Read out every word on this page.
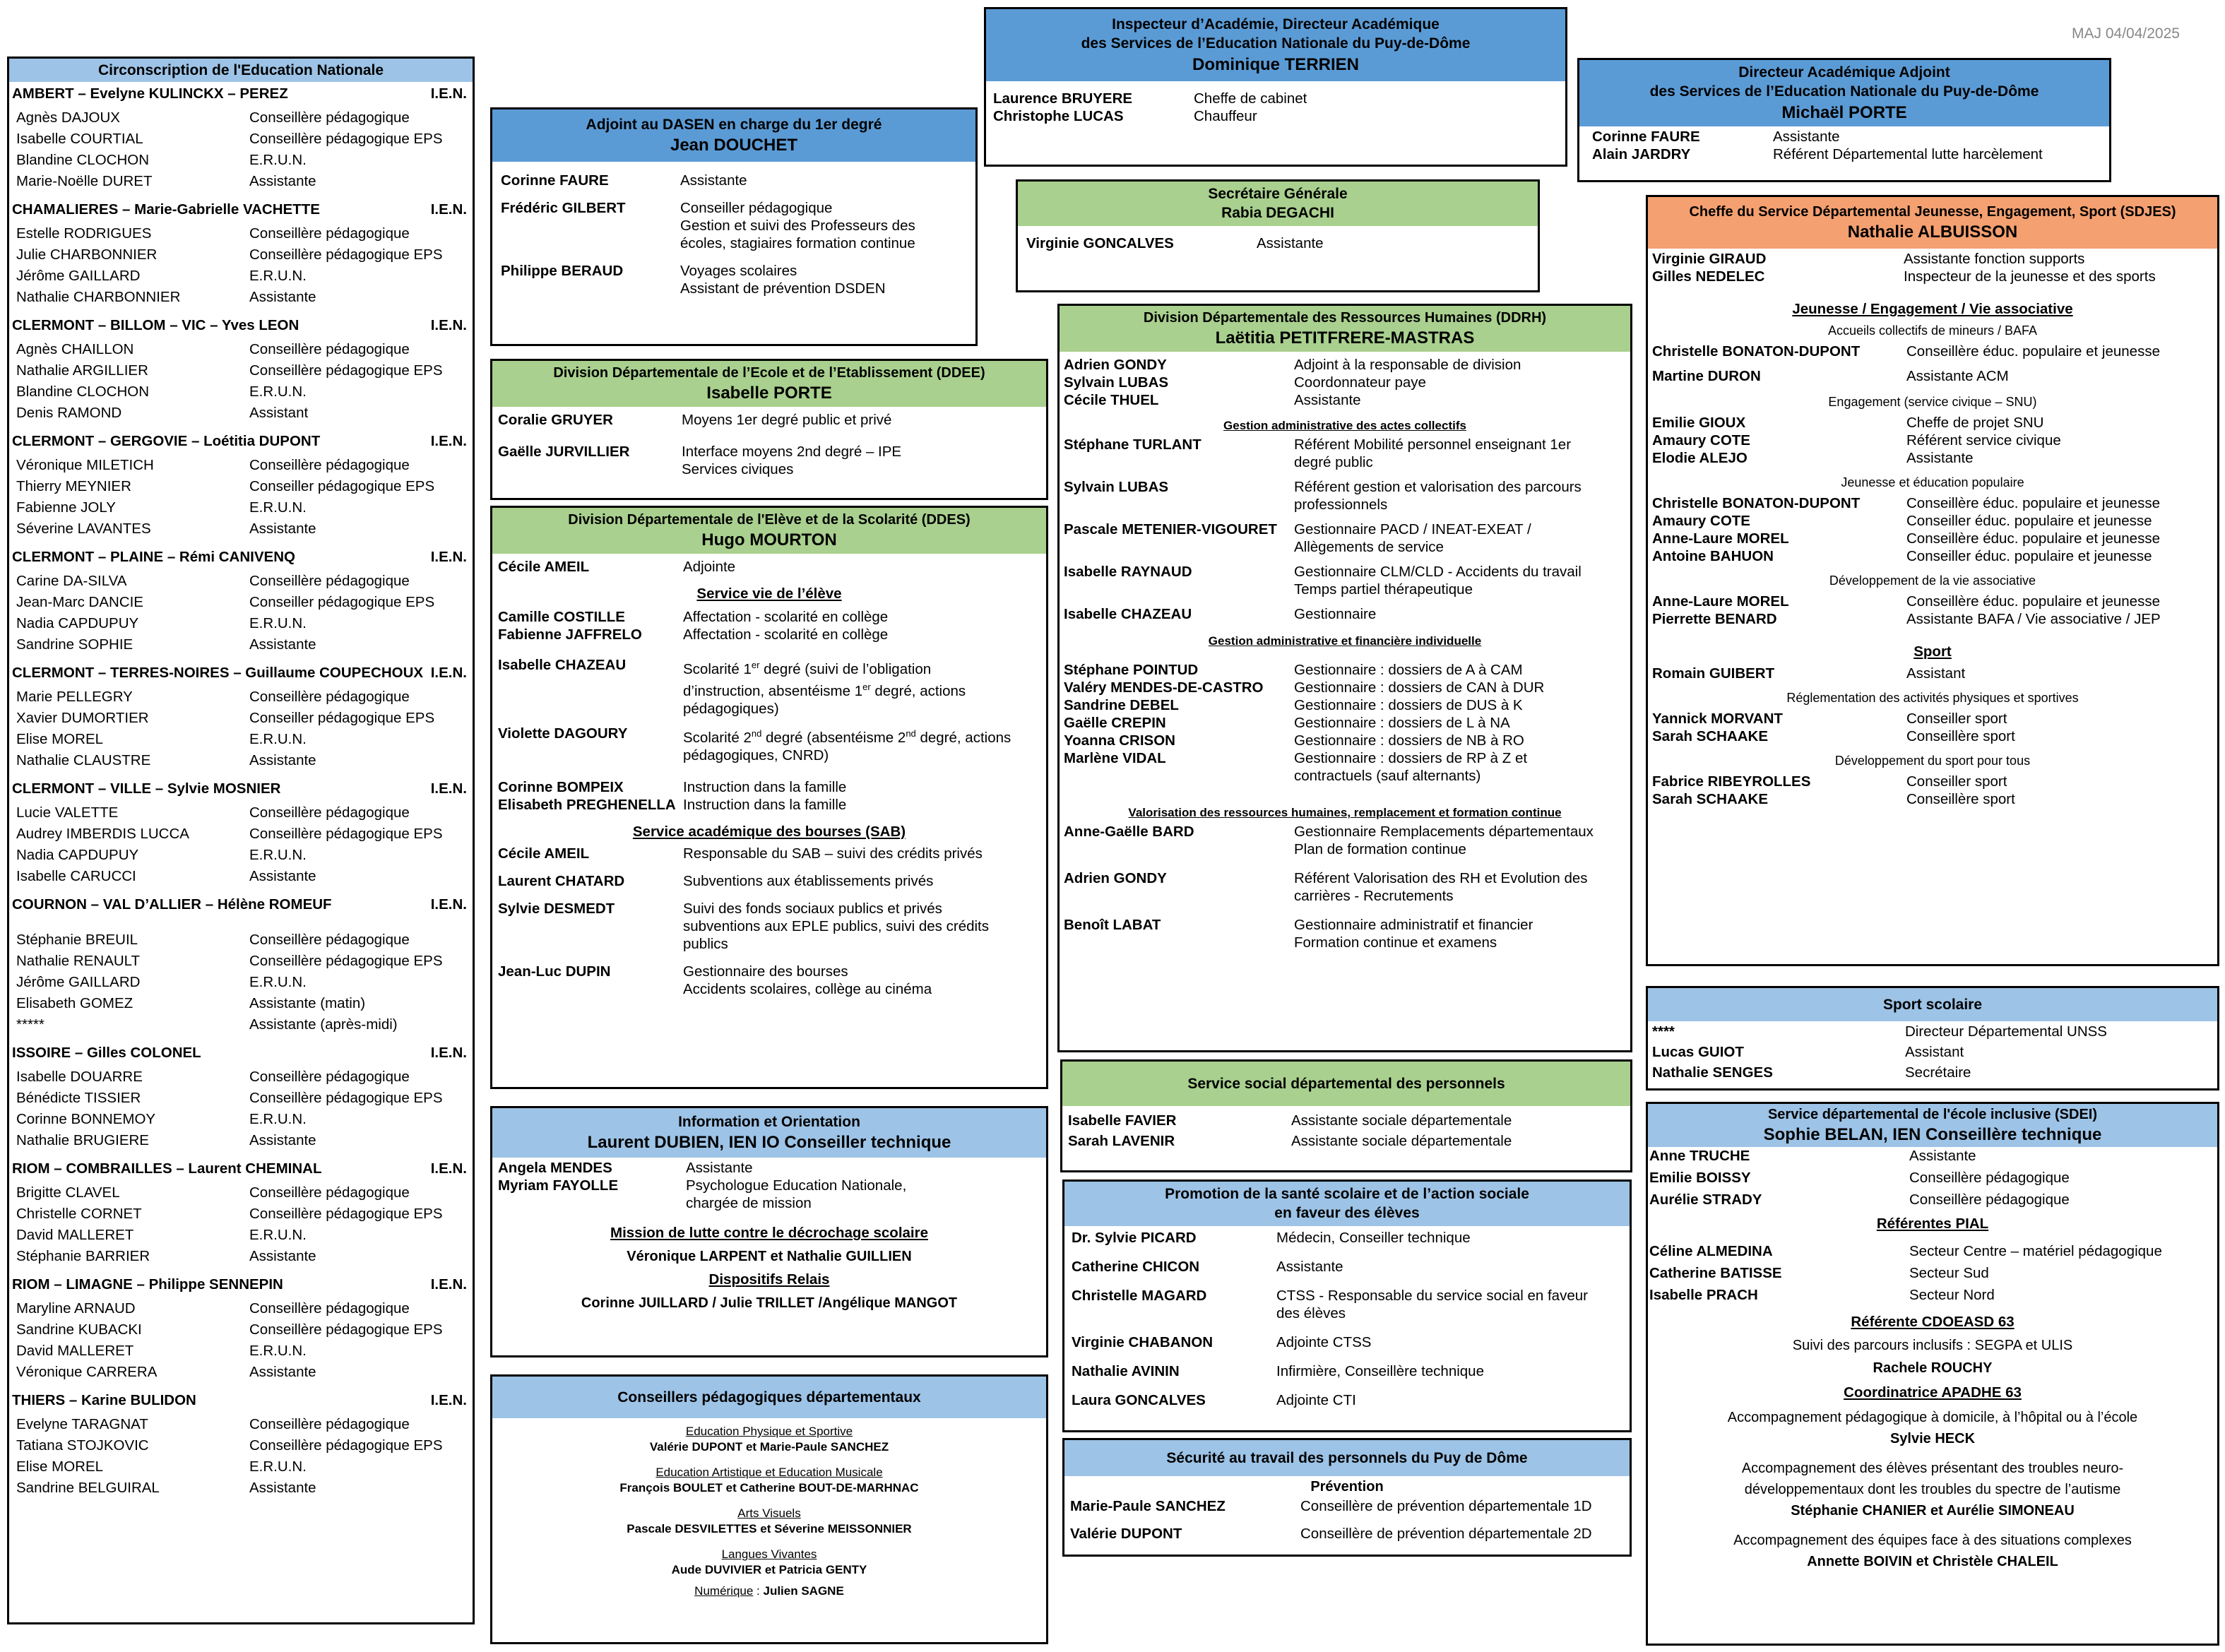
MAJ 04/04/2025
Circonscription de l'Education Nationale
AMBERT – Evelyne KULINCKX – PEREZ	I.E.N.
Agnès DAJOUX	Conseillère pédagogique
Isabelle COURTIAL	Conseillère pédagogique EPS
Blandine CLOCHON	E.R.U.N.
Marie-Noëlle DURET	Assistante
CHAMALIERES – Marie-Gabrielle VACHETTE	I.E.N.
Estelle RODRIGUES	Conseillère pédagogique
Julie CHARBONNIER	Conseillère pédagogique EPS
Jérôme GAILLARD	E.R.U.N.
Nathalie CHARBONNIER	Assistante
CLERMONT – BILLOM – VIC – Yves LEON	I.E.N.
Agnès CHAILLON	Conseillère pédagogique
Nathalie ARGILLIER	Conseillère pédagogique EPS
Blandine CLOCHON	E.R.U.N.
Denis RAMOND	Assistant
CLERMONT – GERGOVIE – Loétitia DUPONT	I.E.N.
Véronique MILETICH	Conseillère pédagogique
Thierry MEYNIER	Conseiller pédagogique EPS
Fabienne JOLY	E.R.U.N.
Séverine LAVANTES	Assistante
CLERMONT – PLAINE – Rémi CANIVENQ	I.E.N.
Carine DA-SILVA	Conseillère pédagogique
Jean-Marc DANCIE	Conseiller pédagogique EPS
Nadia CAPDUPUY	E.R.U.N.
Sandrine SOPHIE	Assistante
CLERMONT – TERRES-NOIRES – Guillaume COUPECHOUX I.E.N.
Marie PELLEGRY	Conseillère pédagogique
Xavier DUMORTIER	Conseiller pédagogique EPS
Elise MOREL	E.R.U.N.
Nathalie CLAUSTRE	Assistante
CLERMONT – VILLE – Sylvie MOSNIER	I.E.N.
Lucie VALETTE	Conseillère pédagogique
Audrey IMBERDIS LUCCA	Conseillère pédagogique EPS
Nadia CAPDUPUY	E.R.U.N.
Isabelle CARUCCI	Assistante
COURNON – VAL D’ALLIER – Hélène ROMEUF	I.E.N.
Stéphanie BREUIL	Conseillère pédagogique
Nathalie RENAULT	Conseillère pédagogique EPS
Jérôme GAILLARD	E.R.U.N.
Elisabeth GOMEZ	Assistante (matin)
*****	Assistante (après-midi)
ISSOIRE – Gilles COLONEL	I.E.N.
Isabelle DOUARRE	Conseillère pédagogique
Bénédicte TISSIER	Conseillère pédagogique EPS
Corinne BONNEMOY	E.R.U.N.
Nathalie BRUGIERE	Assistante
RIOM – COMBRAILLES – Laurent CHEMINAL	I.E.N.
Brigitte CLAVEL	Conseillère pédagogique
Christelle CORNET	Conseillère pédagogique EPS
David MALLERET	E.R.U.N.
Stéphanie BARRIER	Assistante
RIOM – LIMAGNE – Philippe SENNEPIN	I.E.N.
Maryline ARNAUD	Conseillère pédagogique
Sandrine KUBACKI	Conseillère pédagogique EPS
David MALLERET	E.R.U.N.
Véronique CARRERA	Assistante
THIERS – Karine BULIDON	I.E.N.
Evelyne TARAGNAT	Conseillère pédagogique
Tatiana STOJKOVIC	Conseillère pédagogique EPS
Elise MOREL	E.R.U.N.
Sandrine BELGUIRAL	Assistante
Inspecteur d’Académie, Directeur Académique
des Services de l’Education Nationale du Puy-de-Dôme
Dominique TERRIEN
Laurence BRUYERE	Cheffe de cabinet
Christophe LUCAS	Chauffeur
Directeur Académique Adjoint
des Services de l’Education Nationale du Puy-de-Dôme
Michaël PORTE
Corinne FAURE	Assistante
Alain JARDRY	Référent Départemental lutte harcèlement
Adjoint au DASEN en charge du 1er degré
Jean DOUCHET
Corinne FAURE	Assistante
Frédéric GILBERT	Conseiller pédagogique
Gestion et suivi des Professeurs des
écoles, stagiaires formation continue
Philippe BERAUD	Voyages scolaires
Assistant de prévention DSDEN
Secrétaire Générale
Rabia DEGACHI
Virginie GONCALVES	Assistante
Division Départementale de l’Ecole et de l’Etablissement (DDEE)
Isabelle PORTE
Coralie GRUYER	Moyens 1er degré public et privé
Gaëlle JURVILLIER	Interface moyens 2nd degré – IPE
Services civiques
Division Départementale de l'Elève et de la Scolarité (DDES)
Hugo MOURTON
Cécile AMEIL	Adjointe
Service vie de l’élève
Camille COSTILLE	Affectation - scolarité en collège
Fabienne JAFFRELO	Affectation - scolarité en collège
Isabelle CHAZEAU	Scolarité 1er degré (suivi de l’obligation
d’instruction, absentéisme 1er degré, actions
pédagogiques)
Violette DAGOURY	Scolarité 2nd degré (absentéisme 2nd degré, actions
pédagogiques, CNRD)
Corinne BOMPEIX	Instruction dans la famille
Elisabeth PREGHENELLA Instruction dans la famille
Service académique des bourses (SAB)
Cécile AMEIL	Responsable du SAB – suivi des crédits privés
Laurent CHATARD	Subventions aux établissements privés
Sylvie DESMEDT	Suivi des fonds sociaux publics et privés
subventions aux EPLE publics, suivi des crédits
publics
Jean-Luc DUPIN	Gestionnaire des bourses
Accidents scolaires, collège au cinéma
Information et Orientation
Laurent DUBIEN, IEN IO Conseiller technique
Angela MENDES	Assistante
Myriam FAYOLLE	Psychologue Education Nationale,
chargée de mission
Mission de lutte contre le décrochage scolaire
Véronique LARPENT et Nathalie GUILLIEN
Dispositifs Relais
Corinne JUILLARD / Julie TRILLET /Angélique MANGOT
Conseillers pédagogiques départementaux
Education Physique et Sportive
Valérie DUPONT et Marie-Paule SANCHEZ
Education Artistique et Education Musicale
François BOULET et Catherine BOUT-DE-MARHNAC
Arts Visuels
Pascale DESVILETTES et Séverine MEISSONNIER
Langues Vivantes
Aude DUVIVIER et Patricia GENTY
Numérique : Julien SAGNE
Division Départementale des Ressources Humaines (DDRH)
Laëtitia PETITFRERE-MASTRAS
Adrien GONDY	Adjoint à la responsable de division
Sylvain LUBAS	Coordonnateur paye
Cécile THUEL	Assistante
Gestion administrative des actes collectifs
Stéphane TURLANT	Référent Mobilité personnel enseignant 1er
degré public
Sylvain LUBAS	Référent gestion et valorisation des parcours
professionnels
Pascale METENIER-VIGOURET	Gestionnaire PACD / INEAT-EXEAT /
Allègements de service
Isabelle RAYNAUD	Gestionnaire CLM/CLD - Accidents du travail
Temps partiel thérapeutique
Isabelle CHAZEAU	Gestionnaire
Gestion administrative et financière individuelle
Stéphane POINTUD	Gestionnaire : dossiers de A à CAM
Valéry MENDES-DE-CASTRO	Gestionnaire : dossiers de CAN à DUR
Sandrine DEBEL	Gestionnaire : dossiers de DUS à K
Gaëlle CREPIN	Gestionnaire : dossiers de L à NA
Yoanna CRISON	Gestionnaire : dossiers de NB à RO
Marlène VIDAL	Gestionnaire : dossiers de RP à Z et
contractuels (sauf alternants)
Valorisation des ressources humaines, remplacement et formation continue
Anne-Gaëlle BARD	Gestionnaire Remplacements départementaux
Plan de formation continue
Adrien GONDY	Référent Valorisation des RH et Evolution des
carrières - Recrutements
Benoît LABAT	Gestionnaire administratif et financier
Formation continue et examens
Service social départemental des personnels
Isabelle FAVIER	Assistante sociale départementale
Sarah LAVENIR	Assistante sociale départementale
Promotion de la santé scolaire et de l’action sociale
en faveur des élèves
Dr. Sylvie PICARD	Médecin, Conseiller technique
Catherine CHICON	Assistante
Christelle MAGARD	CTSS - Responsable du service social en faveur
des élèves
Virginie CHABANON	Adjointe CTSS
Nathalie AVININ	Infirmière, Conseillère technique
Laura GONCALVES	Adjointe CTI
Sécurité au travail des personnels du Puy de Dôme
Prévention
Marie-Paule SANCHEZ	Conseillère de prévention départementale 1D
Valérie DUPONT	Conseillère de prévention départementale 2D
Cheffe du Service Départemental Jeunesse, Engagement, Sport (SDJES)
Nathalie ALBUISSON
Virginie GIRAUD	Assistante fonction supports
Gilles NEDELEC	Inspecteur de la jeunesse et des sports
Jeunesse / Engagement / Vie associative
Accueils collectifs de mineurs / BAFA
Christelle BONATON-DUPONT	Conseillère éduc. populaire et jeunesse
Martine DURON	Assistante ACM
Engagement (service civique – SNU)
Emilie GIOUX	Cheffe de projet SNU
Amaury COTE	Référent service civique
Elodie ALEJO	Assistante
Jeunesse et éducation populaire
Christelle BONATON-DUPONT	Conseillère éduc. populaire et jeunesse
Amaury COTE	Conseiller éduc. populaire et jeunesse
Anne-Laure MOREL	Conseillère éduc. populaire et jeunesse
Antoine BAHUON	Conseiller éduc. populaire et jeunesse
Développement de la vie associative
Anne-Laure MOREL	Conseillère éduc. populaire et jeunesse
Pierrette BENARD	Assistante BAFA / Vie associative / JEP
Sport
Romain GUIBERT	Assistant
Réglementation des activités physiques et sportives
Yannick MORVANT	Conseiller sport
Sarah SCHAAKE	Conseillère sport
Développement du sport pour tous
Fabrice RIBEYROLLES	Conseiller sport
Sarah SCHAAKE	Conseillère sport
Sport scolaire
****	Directeur Départemental UNSS
Lucas GUIOT	Assistant
Nathalie SENGES	Secrétaire
Service départemental de l'école inclusive (SDEI)
Sophie BELAN, IEN Conseillère technique
Anne TRUCHE	Assistante
Emilie BOISSY	Conseillère pédagogique
Aurélie STRADY	Conseillère pédagogique
Référentes PIAL
Céline ALMEDINA	Secteur Centre – matériel pédagogique
Catherine BATISSE	Secteur Sud
Isabelle PRACH	Secteur Nord
Référente CDOEASD 63
Suivi des parcours inclusifs : SEGPA et ULIS
Rachele ROUCHY
Coordinatrice APADHE 63
Accompagnement pédagogique à domicile, à l’hôpital ou à l’école
Sylvie HECK
Accompagnement des élèves présentant des troubles neuro-
développementaux dont les troubles du spectre de l’autisme
Stéphanie CHANIER et Aurélie SIMONEAU
Accompagnement des équipes face à des situations complexes
Annette BOIVIN et Christèle CHALEIL
